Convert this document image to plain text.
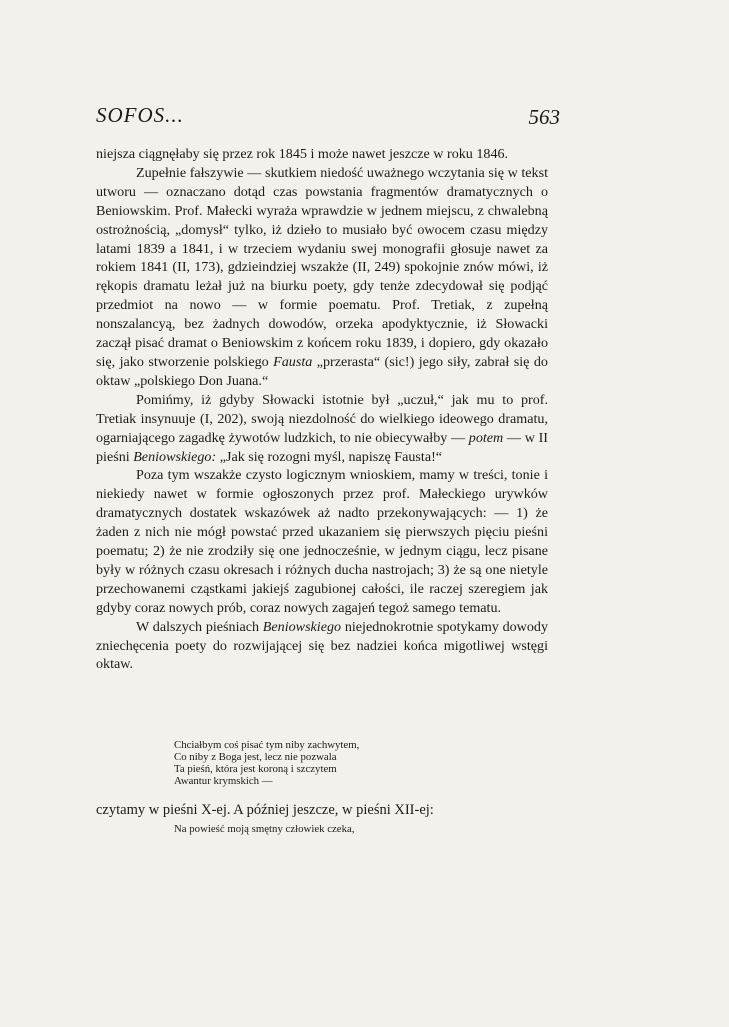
SOFOS...	563

niejsza ciągnęłaby się przez rok 1845 i może nawet jeszcze w roku 1846.

Zupełnie fałszywie — skutkiem niedość uważnego wczytania się w tekst utworu — oznaczano dotąd czas powstania fragmentów dramatycznych o Beniowskim. Prof. Małecki wyraża wprawdzie w jednem miejscu, z chwalebną ostrożnością, „domysł“ tylko, iż dzieło to musiało być owocem czasu między latami 1839 a 1841, i w trzeciem wydaniu swej monografii głosuje nawet za rokiem 1841 (II, 173), gdzieindziej wszakże (II, 249) spokojnie znów mówi, iż rękopis dramatu leżał już na biurku poety, gdy tenże zdecydował się podjąć przedmiot na nowo — w formie poematu. Prof. Tretiak, z zupełną nonszalancyą, bez żadnych dowodów, orzeka apodyktycznie, iż Słowacki zaczął pisać dramat o Beniowskim z końcem roku 1839, i dopiero, gdy okazało się, jako stworzenie polskiego Fausta „przerasta“ (sic!) jego siły, zabrał się do oktaw „polskiego Don Juana.“

Pomińmy, iż gdyby Słowacki istotnie był „uczuł,“ jak mu to prof. Tretiak insynuuje (I, 202), swoją niezdolność do wielkiego ideowego dramatu, ogarniającego zagadkę żywotów ludzkich, to nie obiecywałby — potem — w II pieśni Beniowskiego: „Jak się rozogni myśl, napiszę Fausta!“

Poza tym wszakże czysto logicznym wnioskiem, mamy w treści, tonie i niekiedy nawet w formie ogłoszonych przez prof. Małeckiego urywków dramatycznych dostatek wskazówek aż nadto przekonywających: — 1) że żaden z nich nie mógł powstać przed ukazaniem się pierwszych pięciu pieśni poematu; 2) że nie zrodziły się one jednocześnie, w jednym ciągu, lecz pisane były w różnych czasu okresach i różnych ducha nastrojach; 3) że są one nietyle przechowanemi cząstkami jakiejś zagubionej całości, ile raczej szeregiem jak gdyby coraz nowych prób, coraz nowych zagajeń tegoż samego tematu.

W dalszych pieśniach Beniowskiego niejednokrotnie spotykamy dowody zniechęcenia poety do rozwijającej się bez nadziei końca migotliwej wstęgi oktaw.

Chciałbym coś pisać tym niby zachwytem,
Co niby z Boga jest, lecz nie pozwala
Ta pieśń, która jest koroną i szczytem
Awantur krymskich —
czytamy w pieśni X-ej. A później jeszcze, w pieśni XII-ej:
Na powieść moją smętny człowiek czeka,
